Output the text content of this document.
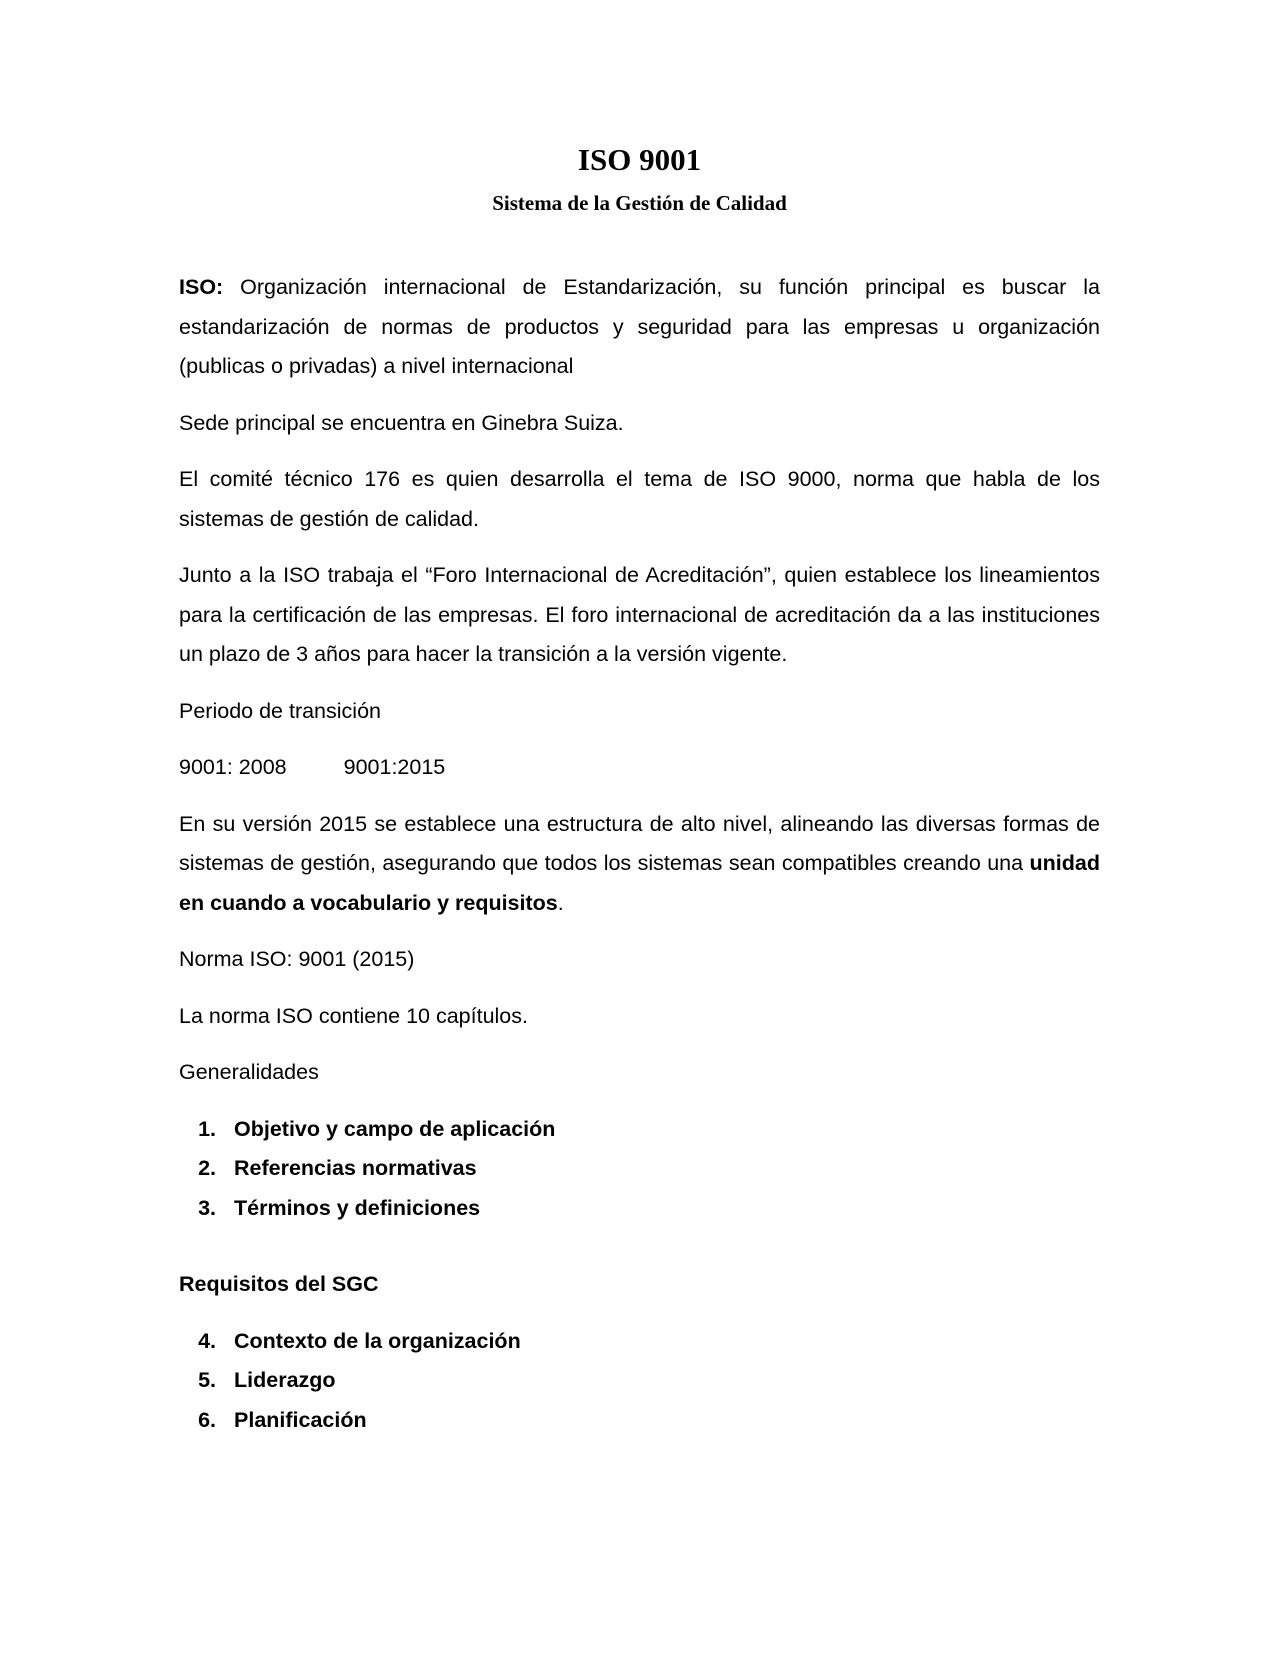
ISO 9001
Sistema de la Gestión de Calidad

ISO: Organización internacional de Estandarización, su función principal es buscar la estandarización de normas de productos y seguridad para las empresas u organización (publicas o privadas) a nivel internacional

Sede principal se encuentra en Ginebra Suiza.

El comité técnico 176 es quien desarrolla el tema de ISO 9000, norma que habla de los sistemas de gestión de calidad.

Junto a la ISO trabaja el “Foro Internacional de Acreditación”, quien establece los lineamientos para la certificación de las empresas. El foro internacional de acreditación da a las instituciones un plazo de 3 años para hacer la transición a la versión vigente.

Periodo de transición

9001: 2008	9001:2015

En su versión 2015 se establece una estructura de alto nivel, alineando las diversas formas de sistemas de gestión, asegurando que todos los sistemas sean compatibles creando una unidad en cuando a vocabulario y requisitos.

Norma ISO: 9001 (2015)

La norma ISO contiene 10 capítulos.

Generalidades

1. Objetivo y campo de aplicación
2. Referencias normativas
3. Términos y definiciones

Requisitos del SGC

4. Contexto de la organización
5. Liderazgo
6. Planificación
